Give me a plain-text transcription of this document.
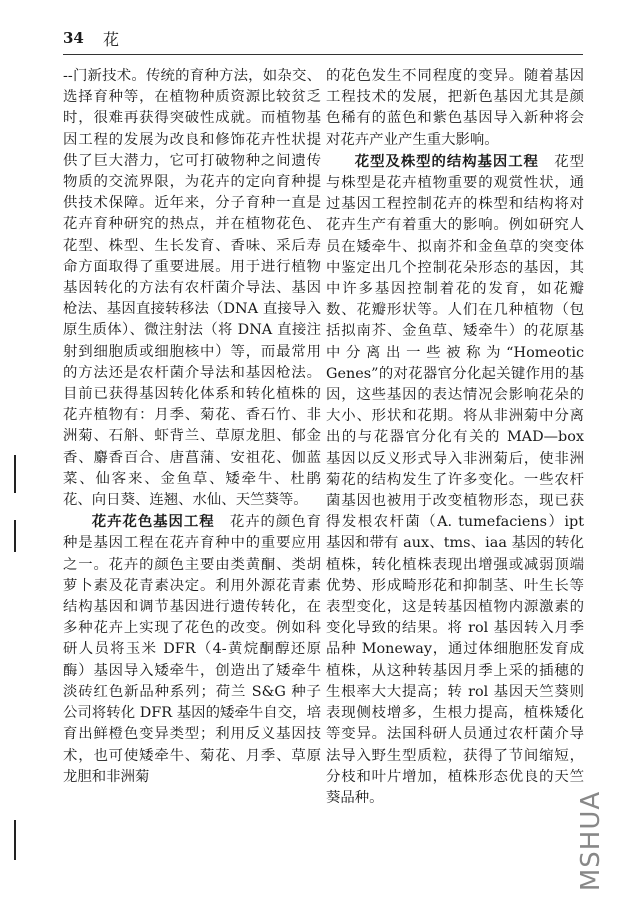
34 花

--门新技术。传统的育种方法，如杂交、选择育种等，在植物种质资源比较贫乏时，很难再获得突破性成就。而植物基因工程的发展为改良和修饰花卉性状提供了巨大潜力，它可打破物种之间遗传物质的交流界限，为花卉的定向育种提供技术保障。近年来，分子育种一直是花卉育种研究的热点，并在植物花色、花型、株型、生长发育、香味、采后寿命方面取得了重要进展。用于进行植物基因转化的方法有农杆菌介导法、基因枪法、基因直接转移法（DNA 直接导入原生质体）、微注射法（将 DNA 直接注射到细胞质或细胞核中）等，而最常用的方法还是农杆菌介导法和基因枪法。目前已获得基因转化体系和转化植株的花卉植物有：月季、菊花、香石竹、非洲菊、石斛、虾背兰、草原龙胆、郁金香、麝香百合、唐菖蒲、安祖花、伽蓝菜、仙客来、金鱼草、矮牵牛、杜鹃花、向日葵、连翘、水仙、天竺葵等。

花卉花色基因工程　花卉的颜色育种是基因工程在花卉育种中的重要应用之一。花卉的颜色主要由类黄酮、类胡萝卜素及花青素决定。利用外源花青素结构基因和调节基因进行遗传转化，在多种花卉上实现了花色的改变。例如科研人员将玉米 DFR（4-黄烷酮醇还原酶）基因导入矮牵牛，创造出了矮牵牛淡砖红色新品种系列；荷兰 S&G 种子公司将转化 DFR 基因的矮牵牛自交，培育出鲜橙色变异类型；利用反义基因技术，也可使矮牵牛、菊花、月季、草原龙胆和非洲菊

的花色发生不同程度的变异。随着基因工程技术的发展，把新色基因尤其是颜色稀有的蓝色和紫色基因导入新种将会对花卉产业产生重大影响。

花型及株型的结构基因工程　花型与株型是花卉植物重要的观赏性状，通过基因工程控制花卉的株型和结构将对花卉生产有着重大的影响。例如研究人员在矮牵牛、拟南芥和金鱼草的突变体中鉴定出几个控制花朵形态的基因，其中许多基因控制着花的发育，如花瓣数、花瓣形状等。人们在几种植物（包括拟南芥、金鱼草、矮牵牛）的花原基中分离出一些被称为“Homeotic Genes”的对花器官分化起关键作用的基因，这些基因的表达情况会影响花朵的大小、形状和花期。将从非洲菊中分离出的与花器官分化有关的 MAD—box 基因以反义形式导入非洲菊后，使非洲菊花的结构发生了许多变化。一些农杆菌基因也被用于改变植物形态，现已获得发根农杆菌（A. tumefaciens）ipt 基因和带有 aux、tms、iaa 基因的转化植株，转化植株表现出增强或减弱顶端优势、形成畸形花和抑制茎、叶生长等表型变化，这是转基因植物内源激素的变化导致的结果。将 rol 基因转入月季品种 Moneway，通过体细胞胚发育成植株，从这种转基因月季上采的插穗的生根率大大提高；转 rol 基因天竺葵则表现侧枝增多，生根力提高，植株矮化等变异。法国科研人员通过农杆菌介导法导入野生型质粒，获得了节间缩短，分枝和叶片增加，植株形态优良的天竺葵品种。	MSHUA
